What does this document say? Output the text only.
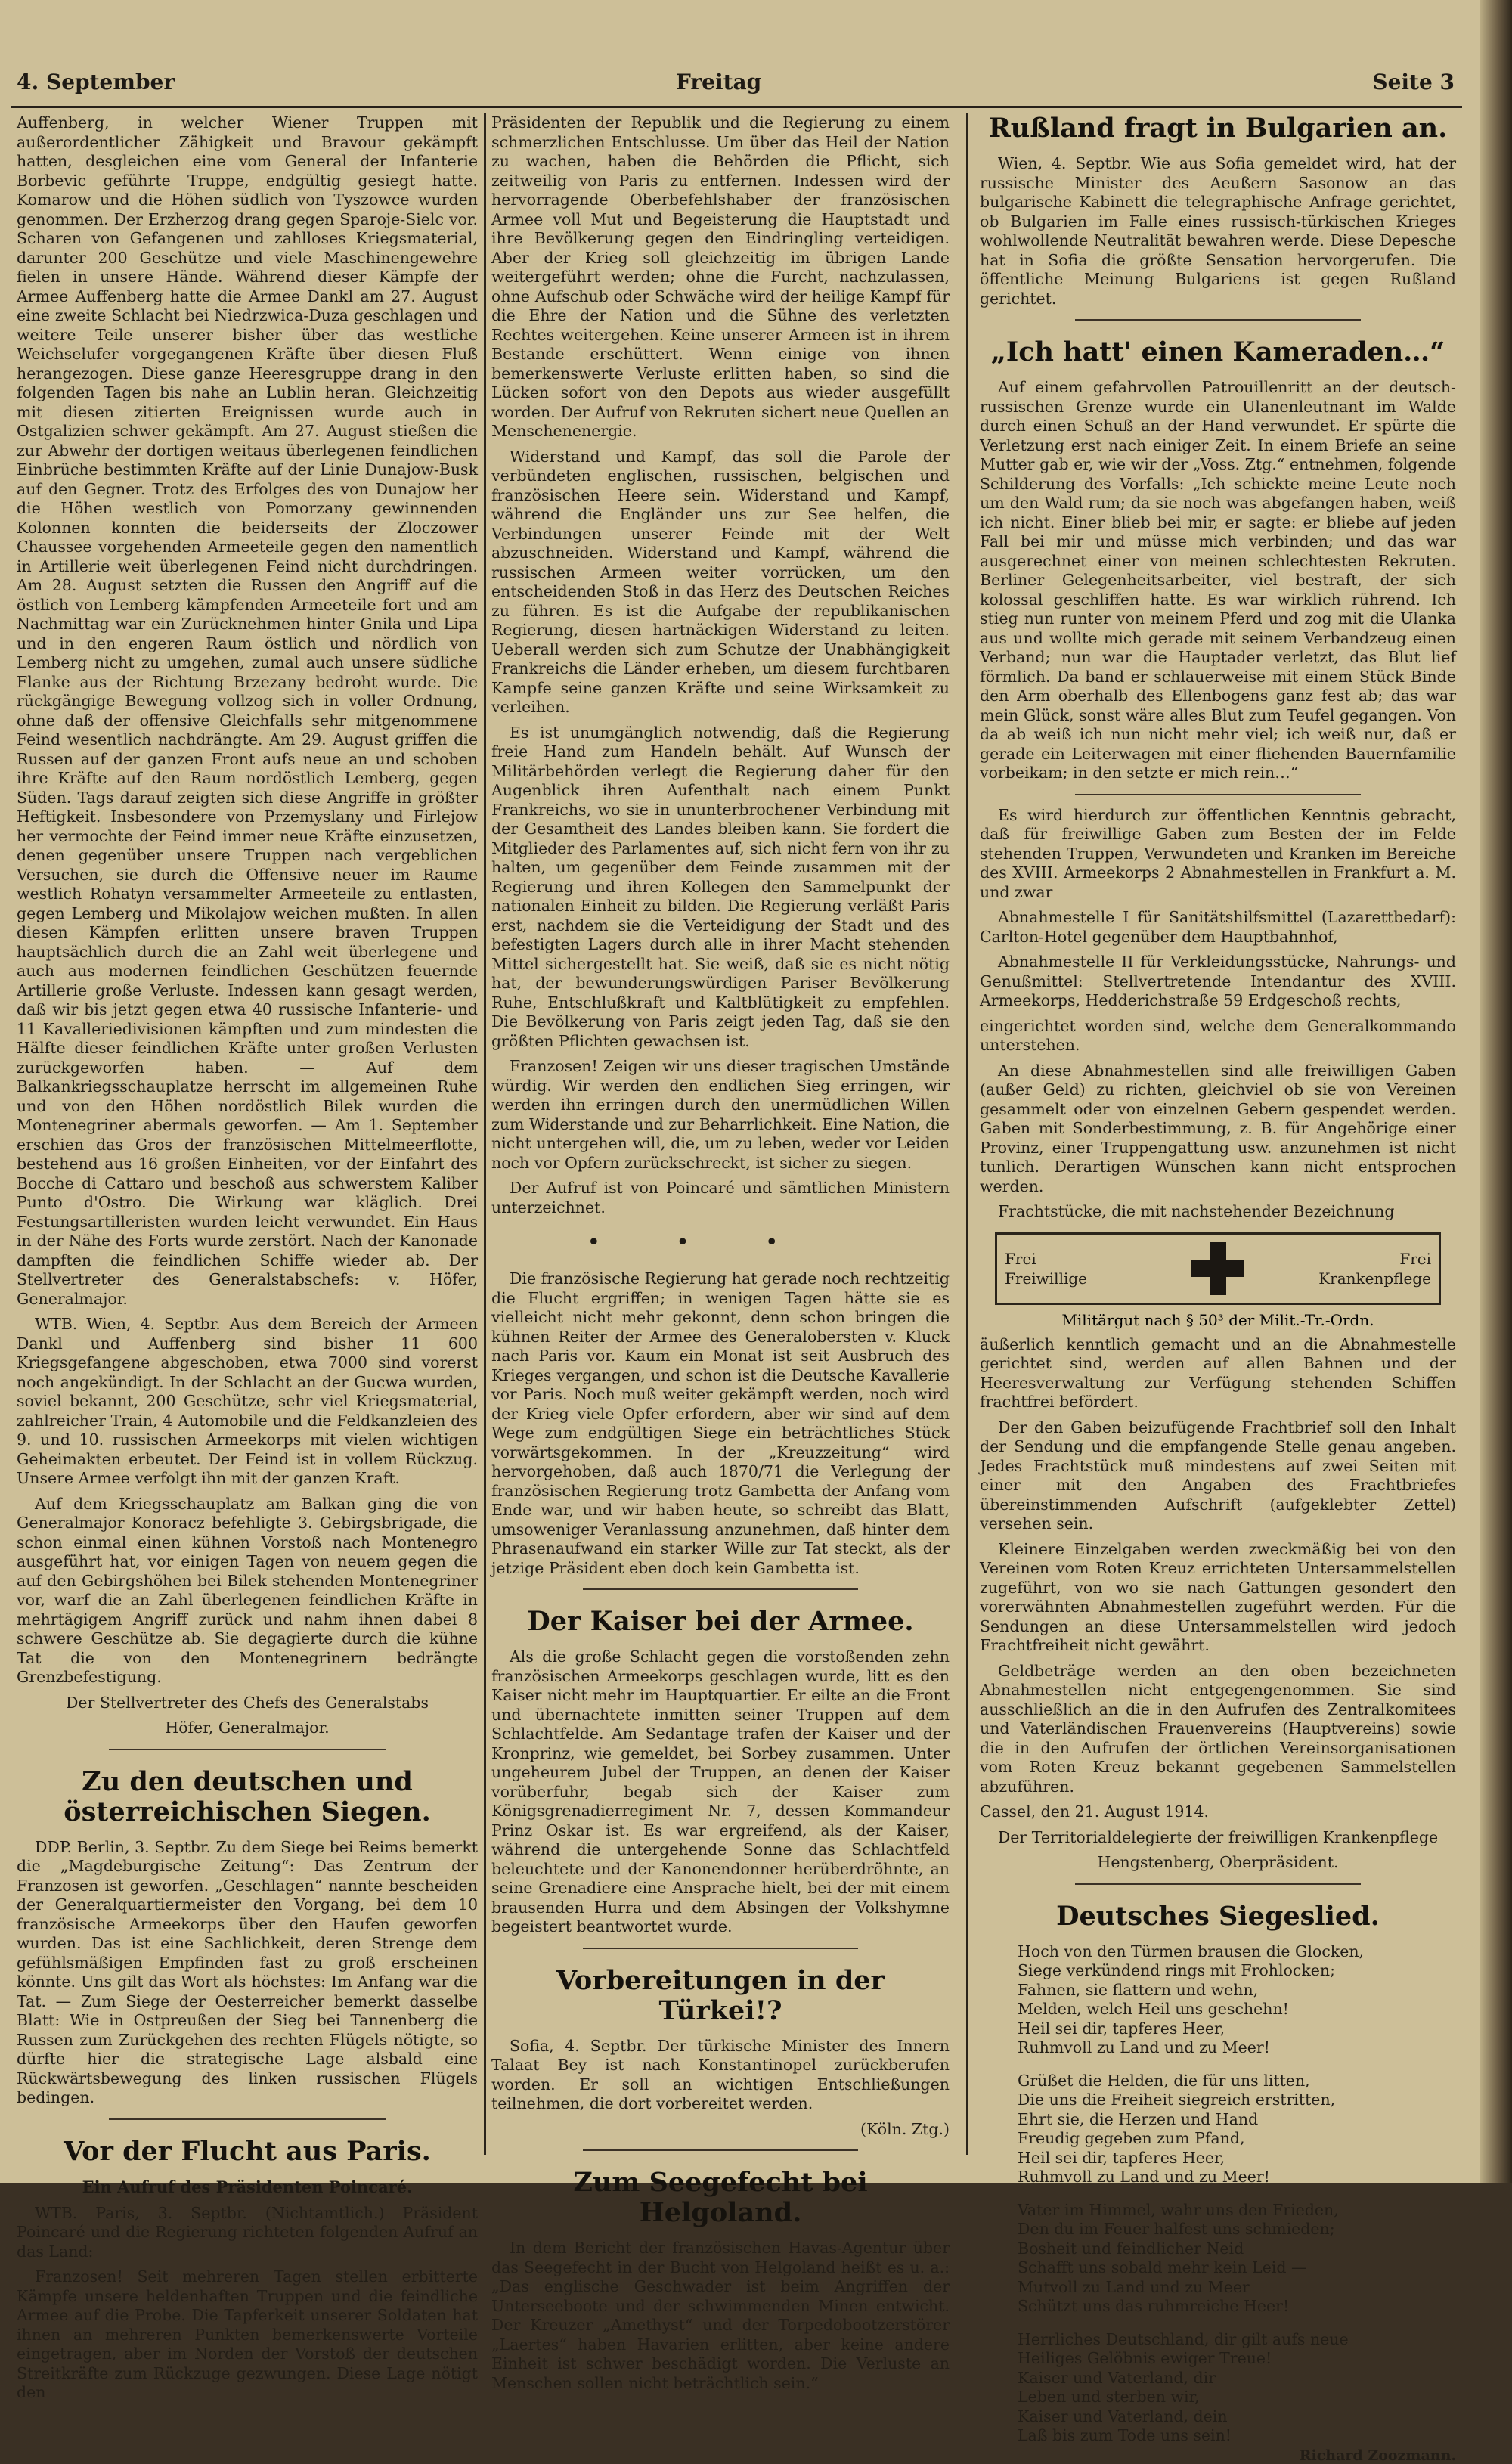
4. September	Freitag	Seite 3

Auffenberg, in welcher Wiener Truppen mit außerordentlicher Zähigkeit und Bravour gekämpft hatten, desgleichen eine vom General der Infanterie Borbevic geführte Truppe, endgültig gesiegt hatte. Komarow und die Höhen südlich von Tyszowce wurden genommen. Der Erzherzog drang gegen Sparoje-Sielc vor. Scharen von Gefangenen und zahlloses Kriegsmaterial, darunter 200 Geschütze und viele Maschinengewehre fielen in unsere Hände. Während dieser Kämpfe der Armee Auffenberg hatte die Armee Dankl am 27. August eine zweite Schlacht bei Niedrzwica-Duza geschlagen und weitere Teile unserer bisher über das westliche Weichselufer vorgegangenen Kräfte über diesen Fluß herangezogen. Diese ganze Heeresgruppe drang in den folgenden Tagen bis nahe an Lublin heran. Gleichzeitig mit diesen zitierten Ereignissen wurde auch in Ostgalizien schwer gekämpft. Am 27. August stießen die zur Abwehr der dortigen weitaus überlegenen feindlichen Einbrüche bestimmten Kräfte auf der Linie Dunajow-Busk auf den Gegner. Trotz des Erfolges des von Dunajow her die Höhen westlich von Pomorzany gewinnenden Kolonnen konnten die beiderseits der Zloczower Chaussee vorgehenden Armeeteile gegen den namentlich in Artillerie weit überlegenen Feind nicht durchdringen. Am 28. August setzten die Russen den Angriff auf die östlich von Lemberg kämpfenden Armeeteile fort und am Nachmittag war ein Zurücknehmen hinter Gnila und Lipa und in den engeren Raum östlich und nördlich von Lemberg nicht zu umgehen, zumal auch unsere südliche Flanke aus der Richtung Brzezany bedroht wurde. Die rückgängige Bewegung vollzog sich in voller Ordnung, ohne daß der offensive Gleichfalls sehr mitgenommene Feind wesentlich nachdrängte. Am 29. August griffen die Russen auf der ganzen Front aufs neue an und schoben ihre Kräfte auf den Raum nordöstlich Lemberg, gegen Süden. Tags darauf zeigten sich diese Angriffe in größter Heftigkeit. Insbesondere von Przemyslany und Firlejow her vermochte der Feind immer neue Kräfte einzusetzen, denen gegenüber unsere Truppen nach vergeblichen Versuchen, sie durch die Offensive neuer im Raume westlich Rohatyn versammelter Armeeteile zu entlasten, gegen Lemberg und Mikolajow weichen mußten. In allen diesen Kämpfen erlitten unsere braven Truppen hauptsächlich durch die an Zahl weit überlegene und auch aus modernen feindlichen Geschützen feuernde Artillerie große Verluste. Indessen kann gesagt werden, daß wir bis jetzt gegen etwa 40 russische Infanterie- und 11 Kavalleriedivisionen kämpften und zum mindesten die Hälfte dieser feindlichen Kräfte unter großen Verlusten zurückgeworfen haben. — Auf dem Balkankriegsschauplatze herrscht im allgemeinen Ruhe und von den Höhen nordöstlich Bilek wurden die Montenegriner abermals geworfen. — Am 1. September erschien das Gros der französischen Mittelmeerflotte, bestehend aus 16 großen Einheiten, vor der Einfahrt des Bocche di Cattaro und beschoß aus schwerstem Kaliber Punto d'Ostro. Die Wirkung war kläglich. Drei Festungsartilleristen wurden leicht verwundet. Ein Haus in der Nähe des Forts wurde zerstört. Nach der Kanonade dampften die feindlichen Schiffe wieder ab. Der Stellvertreter des Generalstabschefs: v. Höfer, Generalmajor.

WTB. Wien, 4. Septbr. Aus dem Bereich der Armeen Dankl und Auffenberg sind bisher 11 600 Kriegsgefangene abgeschoben, etwa 7000 sind vorerst noch angekündigt. In der Schlacht an der Gucwa wurden, soviel bekannt, 200 Geschütze, sehr viel Kriegsmaterial, zahlreicher Train, 4 Automobile und die Feldkanzleien des 9. und 10. russischen Armeekorps mit vielen wichtigen Geheimakten erbeutet. Der Feind ist in vollem Rückzug. Unsere Armee verfolgt ihn mit der ganzen Kraft.

Auf dem Kriegsschauplatz am Balkan ging die von Generalmajor Konoracz befehligte 3. Gebirgsbrigade, die schon einmal einen kühnen Vorstoß nach Montenegro ausgeführt hat, vor einigen Tagen von neuem gegen die auf den Gebirgshöhen bei Bilek stehenden Montenegriner vor, warf die an Zahl überlegenen feindlichen Kräfte in mehrtägigem Angriff zurück und nahm ihnen dabei 8 schwere Geschütze ab. Sie degagierte durch die kühne Tat die von den Montenegrinern bedrängte Grenzbefestigung.

Der Stellvertreter des Chefs des Generalstabs

Höfer, Generalmajor.

Zu den deutschen und österreichischen Siegen.

DDP. Berlin, 3. Septbr. Zu dem Siege bei Reims bemerkt die „Magdeburgische Zeitung“: Das Zentrum der Franzosen ist geworfen. „Geschlagen“ nannte bescheiden der Generalquartiermeister den Vorgang, bei dem 10 französische Armeekorps über den Haufen geworfen wurden. Das ist eine Sachlichkeit, deren Strenge dem gefühlsmäßigen Empfinden fast zu groß erscheinen könnte. Uns gilt das Wort als höchstes: Im Anfang war die Tat. — Zum Siege der Oesterreicher bemerkt dasselbe Blatt: Wie in Ostpreußen der Sieg bei Tannenberg die Russen zum Zurückgehen des rechten Flügels nötigte, so dürfte hier die strategische Lage alsbald eine Rückwärtsbewegung des linken russischen Flügels bedingen.

Vor der Flucht aus Paris.
Ein Aufruf des Präsidenten Poincaré.

WTB. Paris, 3. Septbr. (Nichtamtlich.) Präsident Poincaré und die Regierung richteten folgenden Aufruf an das Land:

Franzosen! Seit mehreren Tagen stellen erbitterte Kämpfe unsere heldenhaften Truppen und die feindliche Armee auf die Probe. Die Tapferkeit unserer Soldaten hat ihnen an mehreren Punkten bemerkenswerte Vorteile eingetragen, aber im Norden der Vorstoß der deutschen Streitkräfte zum Rückzuge gezwungen. Diese Lage nötigt den

Präsidenten der Republik und die Regierung zu einem schmerzlichen Entschlusse. Um über das Heil der Nation zu wachen, haben die Behörden die Pflicht, sich zeitweilig von Paris zu entfernen. Indessen wird der hervorragende Oberbefehlshaber der französischen Armee voll Mut und Begeisterung die Hauptstadt und ihre Bevölkerung gegen den Eindringling verteidigen. Aber der Krieg soll gleichzeitig im übrigen Lande weitergeführt werden; ohne die Furcht, nachzulassen, ohne Aufschub oder Schwäche wird der heilige Kampf für die Ehre der Nation und die Sühne des verletzten Rechtes weitergehen. Keine unserer Armeen ist in ihrem Bestande erschüttert. Wenn einige von ihnen bemerkenswerte Verluste erlitten haben, so sind die Lücken sofort von den Depots aus wieder ausgefüllt worden. Der Aufruf von Rekruten sichert neue Quellen an Menschenenergie.

Widerstand und Kampf, das soll die Parole der verbündeten englischen, russischen, belgischen und französischen Heere sein. Widerstand und Kampf, während die Engländer uns zur See helfen, die Verbindungen unserer Feinde mit der Welt abzuschneiden. Widerstand und Kampf, während die russischen Armeen weiter vorrücken, um den entscheidenden Stoß in das Herz des Deutschen Reiches zu führen. Es ist die Aufgabe der republikanischen Regierung, diesen hartnäckigen Widerstand zu leiten. Ueberall werden sich zum Schutze der Unabhängigkeit Frankreichs die Länder erheben, um diesem furchtbaren Kampfe seine ganzen Kräfte und seine Wirksamkeit zu verleihen.

Es ist unumgänglich notwendig, daß die Regierung freie Hand zum Handeln behält. Auf Wunsch der Militärbehörden verlegt die Regierung daher für den Augenblick ihren Aufenthalt nach einem Punkt Frankreichs, wo sie in ununterbrochener Verbindung mit der Gesamtheit des Landes bleiben kann. Sie fordert die Mitglieder des Parlamentes auf, sich nicht fern von ihr zu halten, um gegenüber dem Feinde zusammen mit der Regierung und ihren Kollegen den Sammelpunkt der nationalen Einheit zu bilden. Die Regierung verläßt Paris erst, nachdem sie die Verteidigung der Stadt und des befestigten Lagers durch alle in ihrer Macht stehenden Mittel sichergestellt hat. Sie weiß, daß sie es nicht nötig hat, der bewunderungswürdigen Pariser Bevölkerung Ruhe, Entschlußkraft und Kaltblütigkeit zu empfehlen. Die Bevölkerung von Paris zeigt jeden Tag, daß sie den größten Pflichten gewachsen ist.

Franzosen! Zeigen wir uns dieser tragischen Umstände würdig. Wir werden den endlichen Sieg erringen, wir werden ihn erringen durch den unermüdlichen Willen zum Widerstande und zur Beharrlichkeit. Eine Nation, die nicht untergehen will, die, um zu leben, weder vor Leiden noch vor Opfern zurückschreckt, ist sicher zu siegen.

Der Aufruf ist von Poincaré und sämtlichen Ministern unterzeichnet.

•••

Die französische Regierung hat gerade noch rechtzeitig die Flucht ergriffen; in wenigen Tagen hätte sie es vielleicht nicht mehr gekonnt, denn schon bringen die kühnen Reiter der Armee des Generalobersten v. Kluck nach Paris vor. Kaum ein Monat ist seit Ausbruch des Krieges vergangen, und schon ist die Deutsche Kavallerie vor Paris. Noch muß weiter gekämpft werden, noch wird der Krieg viele Opfer erfordern, aber wir sind auf dem Wege zum endgültigen Siege ein beträchtliches Stück vorwärtsgekommen. In der „Kreuzzeitung“ wird hervorgehoben, daß auch 1870/71 die Verlegung der französischen Regierung trotz Gambetta der Anfang vom Ende war, und wir haben heute, so schreibt das Blatt, umsoweniger Veranlassung anzunehmen, daß hinter dem Phrasenaufwand ein starker Wille zur Tat steckt, als der jetzige Präsident eben doch kein Gambetta ist.

Der Kaiser bei der Armee.

Als die große Schlacht gegen die vorstoßenden zehn französischen Armeekorps geschlagen wurde, litt es den Kaiser nicht mehr im Hauptquartier. Er eilte an die Front und übernachtete inmitten seiner Truppen auf dem Schlachtfelde. Am Sedantage trafen der Kaiser und der Kronprinz, wie gemeldet, bei Sorbey zusammen. Unter ungeheurem Jubel der Truppen, an denen der Kaiser vorüberfuhr, begab sich der Kaiser zum Königsgrenadierregiment Nr. 7, dessen Kommandeur Prinz Oskar ist. Es war ergreifend, als der Kaiser, während die untergehende Sonne das Schlachtfeld beleuchtete und der Kanonendonner herüberdröhnte, an seine Grenadiere eine Ansprache hielt, bei der mit einem brausenden Hurra und dem Absingen der Volkshymne begeistert beantwortet wurde.

Vorbereitungen in der Türkei!?

Sofia, 4. Septbr. Der türkische Minister des Innern Talaat Bey ist nach Konstantinopel zurückberufen worden. Er soll an wichtigen Entschließungen teilnehmen, die dort vorbereitet werden.

(Köln. Ztg.)

Zum Seegefecht bei Helgoland.

In dem Bericht der französischen Havas-Agentur über das Seegefecht in der Bucht von Helgoland heißt es u. a.: „Das englische Geschwader ist beim Angriffen der Unterseeboote und der schwimmenden Minen entwicht. Der Kreuzer „Amethyst“ und der Torpedobootzerstörer „Laertes“ haben Havarien erlitten, aber keine andere Einheit ist schwer beschädigt worden. Die Verluste an Menschen sollen nicht beträchtlich sein.“

Rußland fragt in Bulgarien an.

Wien, 4. Septbr. Wie aus Sofia gemeldet wird, hat der russische Minister des Aeußern Sasonow an das bulgarische Kabinett die telegraphische Anfrage gerichtet, ob Bulgarien im Falle eines russisch-türkischen Krieges wohlwollende Neutralität bewahren werde. Diese Depesche hat in Sofia die größte Sensation hervorgerufen. Die öffentliche Meinung Bulgariens ist gegen Rußland gerichtet.

„Ich hatt' einen Kameraden…“

Auf einem gefahrvollen Patrouillenritt an der deutsch-russischen Grenze wurde ein Ulanenleutnant im Walde durch einen Schuß an der Hand verwundet. Er spürte die Verletzung erst nach einiger Zeit. In einem Briefe an seine Mutter gab er, wie wir der „Voss. Ztg.“ entnehmen, folgende Schilderung des Vorfalls: „Ich schickte meine Leute noch um den Wald rum; da sie noch was abgefangen haben, weiß ich nicht. Einer blieb bei mir, er sagte: er bliebe auf jeden Fall bei mir und müsse mich verbinden; und das war ausgerechnet einer von meinen schlechtesten Rekruten. Berliner Gelegenheitsarbeiter, viel bestraft, der sich kolossal geschliffen hatte. Es war wirklich rührend. Ich stieg nun runter von meinem Pferd und zog mit die Ulanka aus und wollte mich gerade mit seinem Verbandzeug einen Verband; nun war die Hauptader verletzt, das Blut lief förmlich. Da band er schlauerweise mit einem Stück Binde den Arm oberhalb des Ellenbogens ganz fest ab; das war mein Glück, sonst wäre alles Blut zum Teufel gegangen. Von da ab weiß ich nun nicht mehr viel; ich weiß nur, daß er gerade ein Leiterwagen mit einer fliehenden Bauernfamilie vorbeikam; in den setzte er mich rein…“

Es wird hierdurch zur öffentlichen Kenntnis gebracht, daß für freiwillige Gaben zum Besten der im Felde stehenden Truppen, Verwundeten und Kranken im Bereiche des XVIII. Armeekorps 2 Abnahmestellen in Frankfurt a. M. und zwar

Abnahmestelle I für Sanitätshilfsmittel (Lazarettbedarf): Carlton-Hotel gegenüber dem Hauptbahnhof,

Abnahmestelle II für Verkleidungsstücke, Nahrungs- und Genußmittel: Stellvertretende Intendantur des XVIII. Armeekorps, Hedderichstraße 59 Erdgeschoß rechts,

eingerichtet worden sind, welche dem Generalkommando unterstehen.

An diese Abnahmestellen sind alle freiwilligen Gaben (außer Geld) zu richten, gleichviel ob sie von Vereinen gesammelt oder von einzelnen Gebern gespendet werden. Gaben mit Sonderbestimmung, z. B. für Angehörige einer Provinz, einer Truppengattung usw. anzunehmen ist nicht tunlich. Derartigen Wünschen kann nicht entsprochen werden.

Frachtstücke, die mit nachstehender Bezeichnung

Frei
Freiwillige
Frei
Krankenpflege
Militärgut nach § 50³ der Milit.-Tr.-Ordn.

äußerlich kenntlich gemacht und an die Abnahmestelle gerichtet sind, werden auf allen Bahnen und der Heeresverwaltung zur Verfügung stehenden Schiffen frachtfrei befördert.

Der den Gaben beizufügende Frachtbrief soll den Inhalt der Sendung und die empfangende Stelle genau angeben. Jedes Frachtstück muß mindestens auf zwei Seiten mit einer mit den Angaben des Frachtbriefes übereinstimmenden Aufschrift (aufgeklebter Zettel) versehen sein.

Kleinere Einzelgaben werden zweckmäßig bei von den Vereinen vom Roten Kreuz errichteten Untersammelstellen zugeführt, von wo sie nach Gattungen gesondert den vorerwähnten Abnahmestellen zugeführt werden. Für die Sendungen an diese Untersammelstellen wird jedoch Frachtfreiheit nicht gewährt.

Geldbeträge werden an den oben bezeichneten Abnahmestellen nicht entgegengenommen. Sie sind ausschließlich an die in den Aufrufen des Zentralkomitees und Vaterländischen Frauenvereins (Hauptvereins) sowie die in den Aufrufen der örtlichen Vereinsorganisationen vom Roten Kreuz bekannt gegebenen Sammelstellen abzuführen.

Cassel, den 21. August 1914.

Der Territorialdelegierte der freiwilligen Krankenpflege

Hengstenberg, Oberpräsident.

Deutsches Siegeslied.

Hoch von den Türmen brausen die Glocken,

Siege verkündend rings mit Frohlocken;

Fahnen, sie flattern und wehn,

Melden, welch Heil uns geschehn!

Heil sei dir, tapferes Heer,

Ruhmvoll zu Land und zu Meer!

Grüßet die Helden, die für uns litten,

Die uns die Freiheit siegreich erstritten,

Ehrt sie, die Herzen und Hand

Freudig gegeben zum Pfand,

Heil sei dir, tapferes Heer,

Ruhmvoll zu Land und zu Meer!

Vater im Himmel, wahr uns den Frieden,

Den du im Feuer halfest uns schmieden;

Bosheit und feindlicher Neid

Schafft uns sobald mehr kein Leid —

Mutvoll zu Land und zu Meer

Schützt uns das ruhmreiche Heer!

Herrliches Deutschland, dir gilt aufs neue

Heiliges Gelöbnis ewiger Treue!

Kaiser und Vaterland, dir

Leben und sterben wir,

Kaiser und Vaterland, dein

Laß bis zum Tode uns sein!

Richard Zoozmann.
